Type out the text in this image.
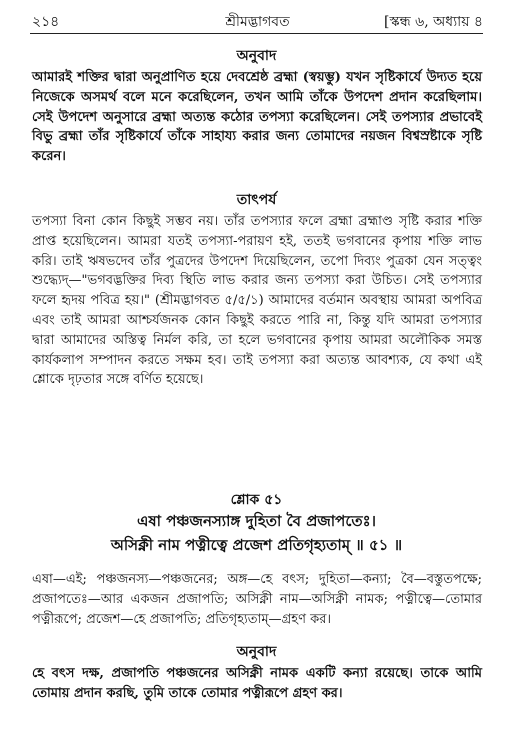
২১৪	শ্রীমদ্ভাগবত	[স্কন্ধ ৬, অধ্যায় ৪
অনুবাদ
আমারই শক্তির দ্বারা অনুপ্রাণিত হয়ে দেবশ্রেষ্ঠ ব্রহ্মা (স্বয়ম্ভু) যখন সৃষ্টিকার্যে উদ্যত হয়ে নিজেকে অসমর্থ বলে মনে করেছিলেন, তখন আমি তাঁকে উপদেশ প্রদান করেছিলাম। সেই উপদেশ অনুসারে ব্রহ্মা অত্যন্ত কঠোর তপস্যা করেছিলেন। সেই তপস্যার প্রভাবেই বিভু ব্রহ্মা তাঁর সৃষ্টিকার্যে তাঁকে সাহায্য করার জন্য তোমাদের নয়জন বিশ্বস্রষ্টাকে সৃষ্টি করেন।
তাৎপর্য
তপস্যা বিনা কোন কিছুই সম্ভব নয়। তাঁর তপস্যার ফলে ব্রহ্মা ব্রহ্মাণ্ড সৃষ্টি করার শক্তি প্রাপ্ত হয়েছিলেন। আমরা যতই তপস্যা-পরায়ণ হই, ততই ভগবানের কৃপায় শক্তি লাভ করি। তাই ঋষভদেব তাঁর পুত্রদের উপদেশ দিয়েছিলেন, তপো দিব্যং পুত্রকা যেন সত্ত্বং শুদ্ধ্যেদ্—"ভগবদ্ভক্তির দিব্য স্থিতি লাভ করার জন্য তপস্যা করা উচিত। সেই তপস্যার ফলে হৃদয় পবিত্র হয়।" (শ্রীমদ্ভাগবত ৫/৫/১) আমাদের বর্তমান অবস্থায় আমরা অপবিত্র এবং তাই আমরা আশ্চর্যজনক কোন কিছুই করতে পারি না, কিন্তু যদি আমরা তপস্যার দ্বারা আমাদের অস্তিত্ব নির্মল করি, তা হলে ভগবানের কৃপায় আমরা অলৌকিক সমস্ত কার্যকলাপ সম্পাদন করতে সক্ষম হব। তাই তপস্যা করা অত্যন্ত আবশ্যক, যে কথা এই শ্লোকে দৃঢ়তার সঙ্গে বর্ণিত হয়েছে।
শ্লোক ৫১
এষা পঞ্চজনস্যাঙ্গ দুহিতা বৈ প্রজাপতেঃ।
অসিক্নী নাম পত্নীত্বে প্রজেশ প্রতিগৃহ্যতাম্ ॥ ৫১ ॥
এষা—এই; পঞ্চজনস্য—পঞ্চজনের; অঙ্গ—হে বৎস; দুহিতা—কন্যা; বৈ—বস্তুতপক্ষে; প্রজাপতেঃ—আর একজন প্রজাপতি; অসিক্নী নাম—অসিক্নী নামক; পত্নীত্বে—তোমার পত্নীরূপে; প্রজেশ—হে প্রজাপতি; প্রতিগৃহ্যতাম্—গ্রহণ কর।
অনুবাদ
হে বৎস দক্ষ, প্রজাপতি পঞ্চজনের অসিক্নী নামক একটি কন্যা রয়েছে। তাকে আমি তোমায় প্রদান করছি, তুমি তাকে তোমার পত্নীরূপে গ্রহণ কর।
